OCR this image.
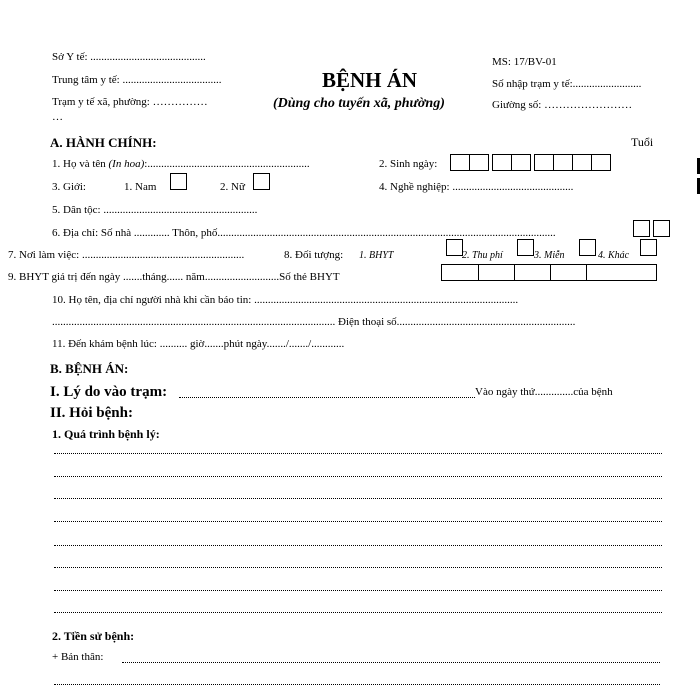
Sở Y tế: ..........................................
Trung tâm y tế: ....................................
Trạm y tế xã, phường: ……………
…
BỆNH ÁN
(Dùng cho tuyến xã, phường)
MS: 17/BV-01
Số nhập trạm y tế:.........................
Giường số: ……………………
A. HÀNH CHÍNH:	Tuổi
1. Họ và tên (In hoa):...........................................................	2. Sinh ngày:
3. Giới:	1. Nam	2. Nữ	4. Nghề nghiệp: ............................................
5. Dân tộc: ........................................................
6. Địa chỉ: Số nhà ............. Thôn, phố...........................................................................................................................
7. Nơi làm việc: ...........................................................	8. Đối tượng: 1. BHYT	2. Thu phí	3. Miễn	4. Khác
9. BHYT giá trị đến ngày .......tháng...... năm...........................Số thẻ BHYT
10. Họ tên, địa chỉ người nhà khi cần báo tin: ................................................................................................
....................................................................................................... Điện thoại số.................................................................
11. Đến khám bệnh lúc: .......... giờ.......phút ngày......./......./............
B. BỆNH ÁN:
I. Lý do vào trạm:	Vào ngày thứ..............của bệnh
II. Hỏi bệnh:
1. Quá trình bệnh lý:
2. Tiền sử bệnh:
+ Bản thân:
